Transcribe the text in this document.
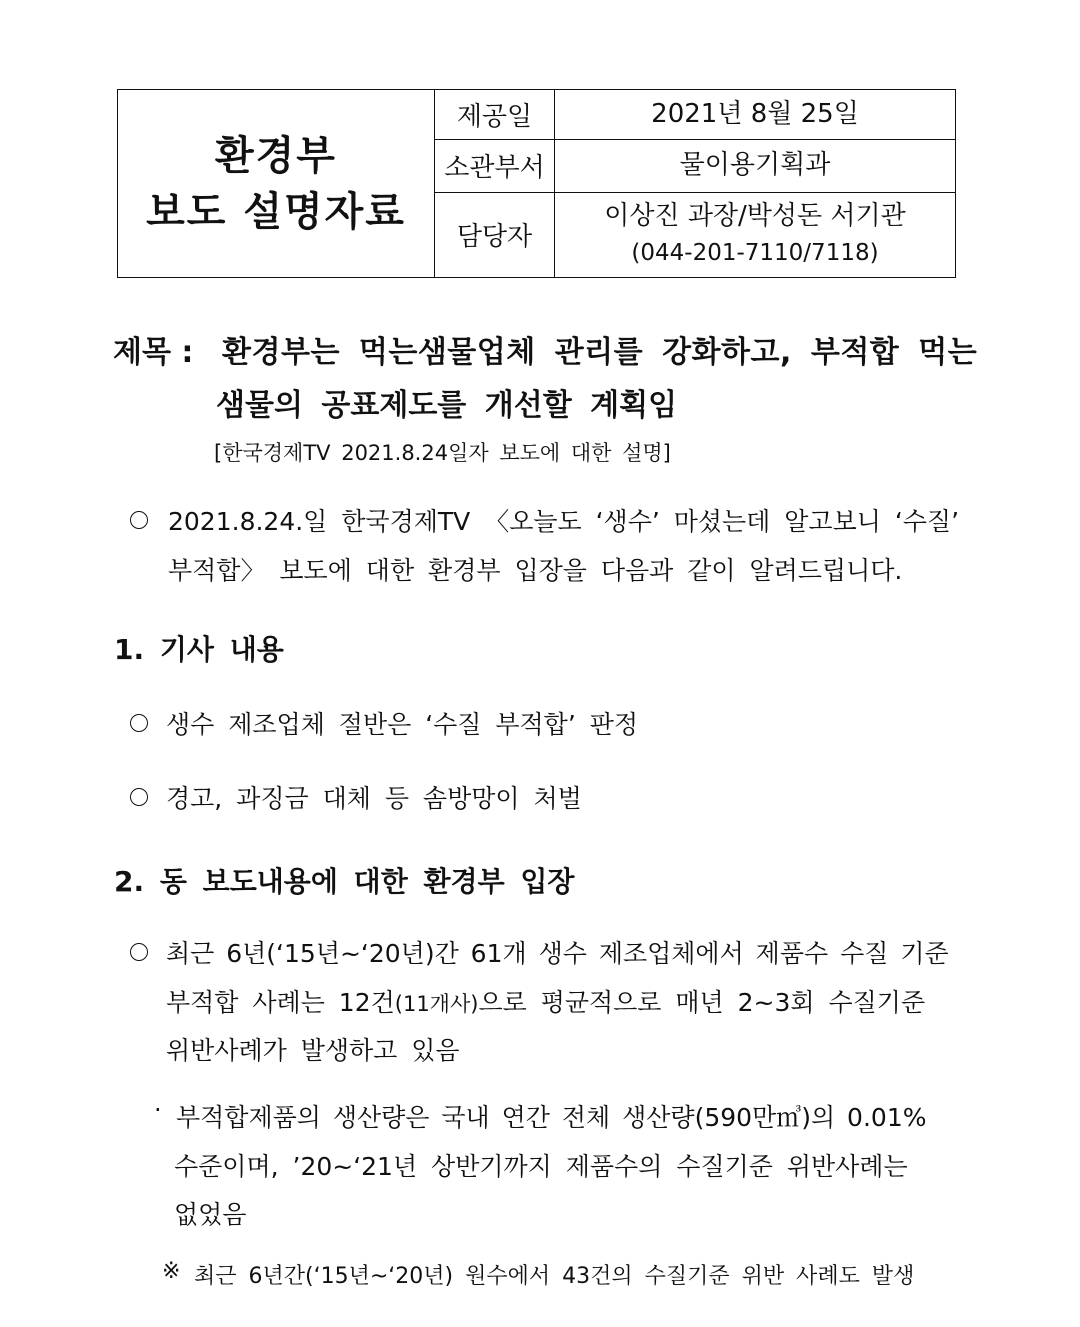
환경부
보도 설명자료	제공일	2021년 8월 25일
	소관부서	물이용기획과
	담당자	이상진 과장/박성돈 서기관
(044-201-7110/7118)
제목 : 환경부는 먹는샘물업체 관리를 강화하고, 부적합 먹는
샘물의 공표제도를 개선할 계획임
[한국경제TV 2021.8.24일자 보도에 대한 설명]
2021.8.24.일 한국경제TV 〈오늘도 ‘생수’ 마셨는데 알고보니 ‘수질’
부적합〉 보도에 대한 환경부 입장을 다음과 같이 알려드립니다.
1. 기사 내용
생수 제조업체 절반은 ‘수질 부적합’ 판정
경고, 과징금 대체 등 솜방망이 처벌
2. 동 보도내용에 대한 환경부 입장
최근 6년(‘15년~‘20년)간 61개 생수 제조업체에서 제품수 수질 기준
부적합 사례는 12건(11개사)으로 평균적으로 매년 2~3회 수질기준
위반사례가 발생하고 있음
· 부적합제품의 생산량은 국내 연간 전체 생산량(590만㎥)의 0.01%
수준이며, ’20~‘21년 상반기까지 제품수의 수질기준 위반사례는
없었음
※ 최근 6년간(‘15년~‘20년) 원수에서 43건의 수질기준 위반 사례도 발생
